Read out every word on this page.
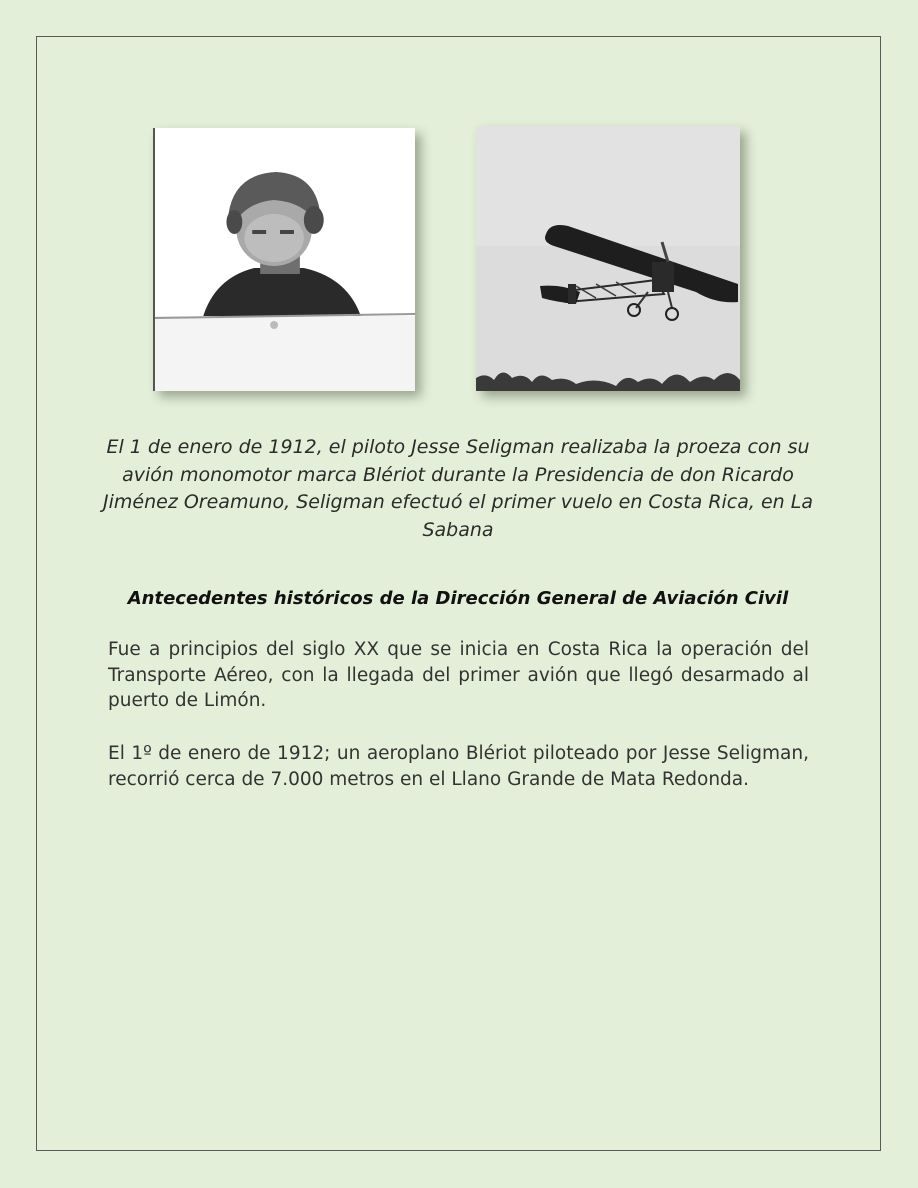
El 1 de enero de 1912, el piloto Jesse Seligman realizaba la proeza con su avión monomotor marca Blériot durante la Presidencia de don Ricardo Jiménez Oreamuno, Seligman efectuó el primer vuelo en Costa Rica, en La Sabana

Antecedentes históricos de la Dirección General de Aviación Civil

Fue a principios del siglo XX que se inicia en Costa Rica la operación del Transporte Aéreo, con la llegada del primer avión que llegó desarmado al puerto de Limón.

El 1º de enero de 1912; un aeroplano Blériot piloteado por Jesse Seligman, recorrió cerca de 7.000 metros en el Llano Grande de Mata Redonda.
